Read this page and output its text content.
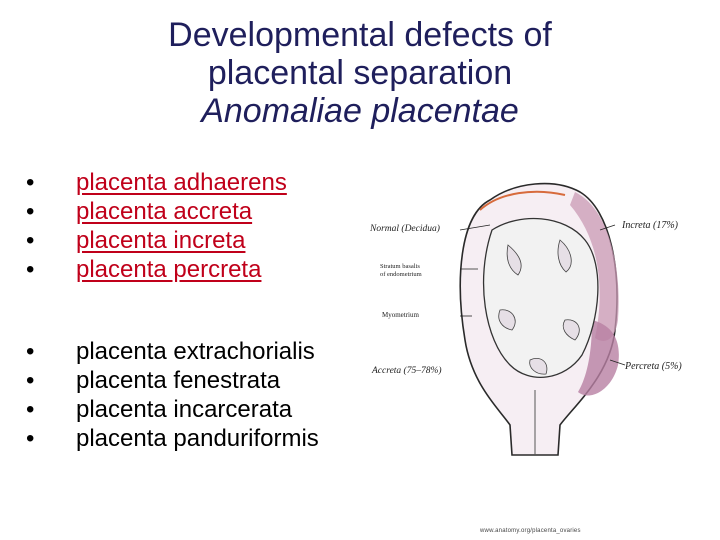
Developmental defects of
placental separation
Anomaliae placentae
•	placenta adhaerens
•	placenta accreta
•	placenta increta
•	placenta percreta
•	placenta extrachorialis
•	placenta fenestrata
•	placenta incarcerata
•	placenta panduriformis
Normal (Decidua)
Stratum basalis
of endometrium
Myometrium
Accreta (75–78%)
Increta (17%)
Percreta (5%)
www.anatomy.org/placenta_ovaries
